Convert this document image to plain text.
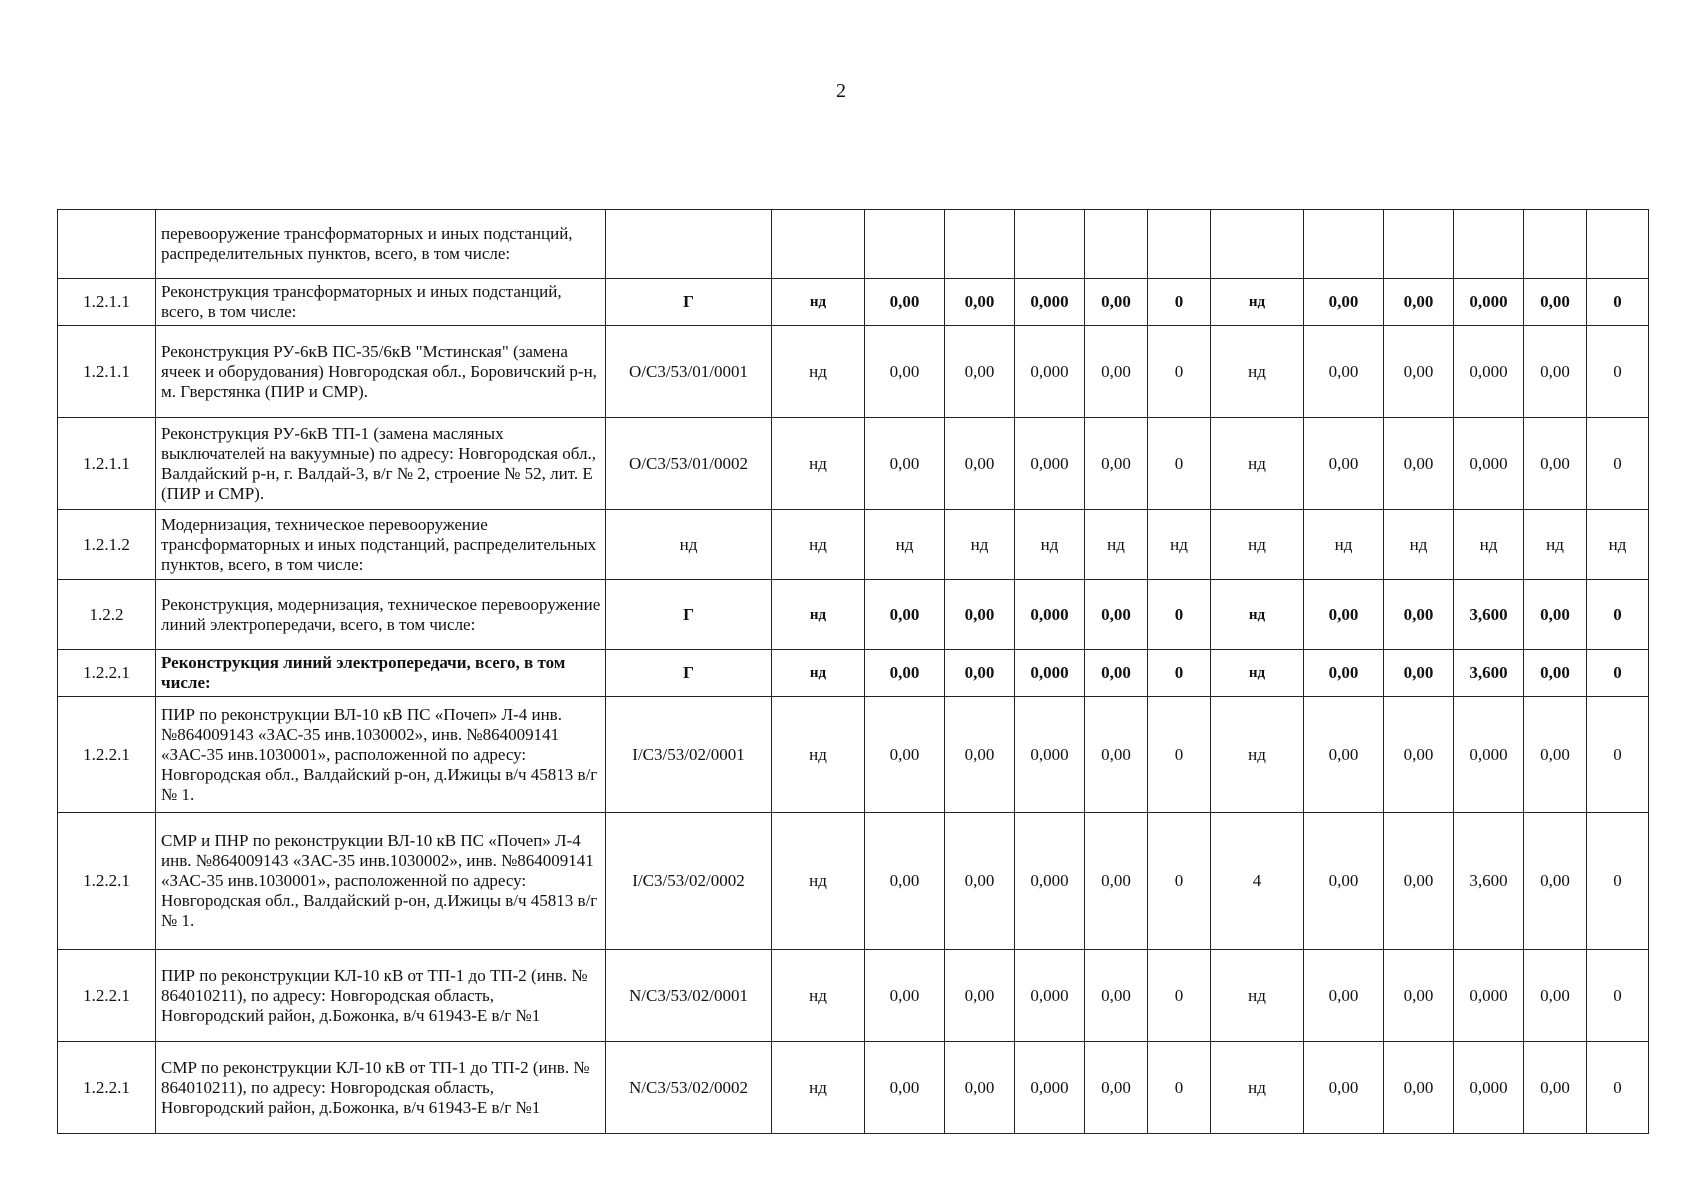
2
	перевооружение трансформаторных и иных подстанций, распределительных пунктов, всего, в том числе:													
1.2.1.1	Реконструкция трансформаторных и иных подстанций, всего, в том числе:	Г	нд	0,00	0,00	0,000	0,00	0	нд	0,00	0,00	0,000	0,00	0
1.2.1.1	Реконструкция РУ-6кВ ПС-35/6кВ "Мстинская" (замена ячеек и оборудования) Новгородская обл., Боровичский р-н, м. Гверстянка (ПИР и СМР).	O/C3/53/01/0001	нд	0,00	0,00	0,000	0,00	0	нд	0,00	0,00	0,000	0,00	0
1.2.1.1	Реконструкция РУ-6кВ ТП-1 (замена масляных выключателей на вакуумные) по адресу: Новгородская обл., Валдайский р-н, г. Валдай-3, в/г № 2, строение № 52, лит. Е (ПИР и СМР).	O/C3/53/01/0002	нд	0,00	0,00	0,000	0,00	0	нд	0,00	0,00	0,000	0,00	0
1.2.1.2	Модернизация, техническое перевооружение трансформаторных и иных подстанций, распределительных пунктов, всего, в том числе:	нд	нд	нд	нд	нд	нд	нд	нд	нд	нд	нд	нд	нд
1.2.2	Реконструкция, модернизация, техническое перевооружение линий электропередачи, всего, в том числе:	Г	нд	0,00	0,00	0,000	0,00	0	нд	0,00	0,00	3,600	0,00	0
1.2.2.1	Реконструкция линий электропередачи, всего, в том числе:	Г	нд	0,00	0,00	0,000	0,00	0	нд	0,00	0,00	3,600	0,00	0
1.2.2.1	ПИР по реконструкции ВЛ-10 кВ ПС «Почеп» Л-4 инв. №864009143 «ЗАС-35 инв.1030002», инв. №864009141 «ЗАС-35 инв.1030001», расположенной по адресу: Новгородская обл., Валдайский р-он, д.Ижицы в/ч 45813 в/г № 1.	I/C3/53/02/0001	нд	0,00	0,00	0,000	0,00	0	нд	0,00	0,00	0,000	0,00	0
1.2.2.1	СМР и ПНР по реконструкции ВЛ-10 кВ ПС «Почеп» Л-4 инв. №864009143 «ЗАС-35 инв.1030002», инв. №864009141 «ЗАС-35 инв.1030001», расположенной по адресу: Новгородская обл., Валдайский р-он, д.Ижицы в/ч 45813 в/г № 1.	I/C3/53/02/0002	нд	0,00	0,00	0,000	0,00	0	4	0,00	0,00	3,600	0,00	0
1.2.2.1	ПИР по реконструкции КЛ-10 кВ от ТП-1 до ТП-2 (инв. № 864010211), по адресу: Новгородская область, Новгородский район, д.Божонка, в/ч 61943-Е в/г №1	N/C3/53/02/0001	нд	0,00	0,00	0,000	0,00	0	нд	0,00	0,00	0,000	0,00	0
1.2.2.1	СМР по реконструкции КЛ-10 кВ от ТП-1 до ТП-2 (инв. № 864010211), по адресу: Новгородская область, Новгородский район, д.Божонка, в/ч 61943-Е в/г №1	N/C3/53/02/0002	нд	0,00	0,00	0,000	0,00	0	нд	0,00	0,00	0,000	0,00	0
